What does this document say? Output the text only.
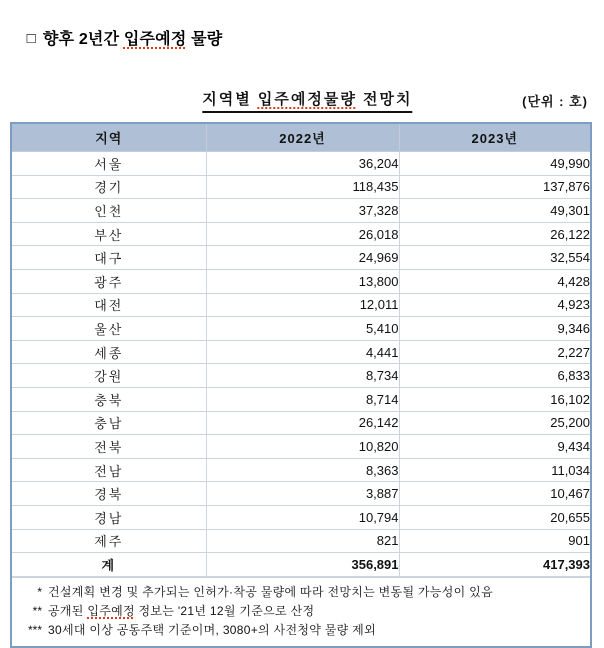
□ 향후 2년간 입주예정 물량

지역별 입주예정물량 전망치	(단위 : 호)
지역	2022년	2023년
서울	36,204	49,990
경기	118,435	137,876
인천	37,328	49,301
부산	26,018	26,122
대구	24,969	32,554
광주	13,800	4,428
대전	12,011	4,923
울산	5,410	9,346
세종	4,441	2,227
강원	8,734	6,833
충북	8,714	16,102
충남	26,142	25,200
전북	10,820	9,434
전남	8,363	11,034
경북	3,887	10,467
경남	10,794	20,655
제주	821	901
계	356,891	417,393
* 건설계획 변경 및 추가되는 인허가·착공 물량에 따라 전망치는 변동될 가능성이 있음
** 공개된 입주예정 정보는 '21년 12월 기준으로 산정
*** 30세대 이상 공동주택 기준이며, 3080+의 사전청약 물량 제외
